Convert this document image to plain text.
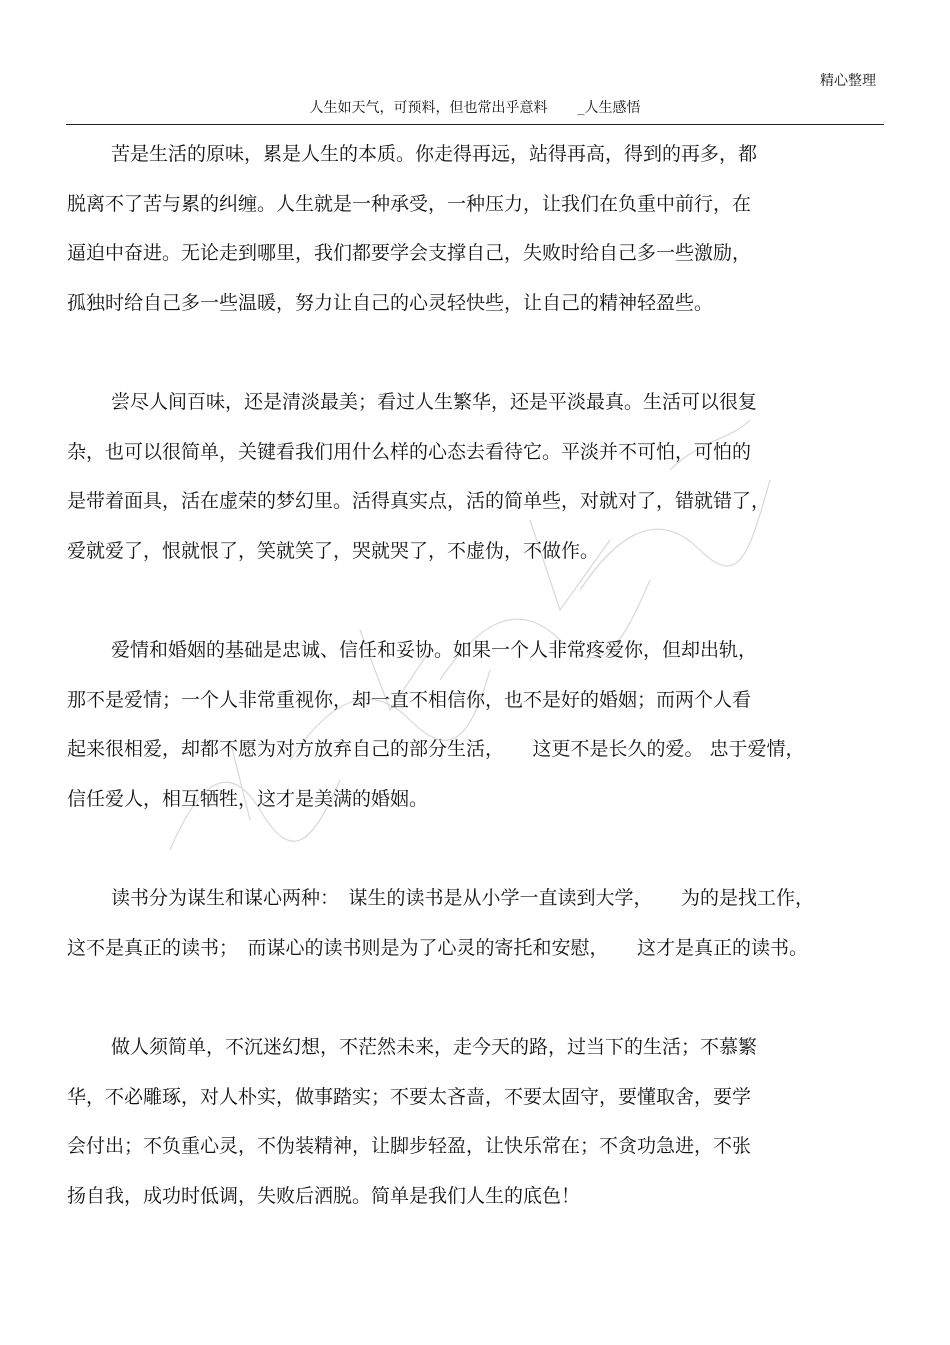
精心整理
人生如天气，可预料，但也常出乎意料 _人生感悟

苦是生活的原味，累是人生的本质。你走得再远，站得再高，得到的再多，都
脱离不了苦与累的纠缠。人生就是一种承受，一种压力，让我们在负重中前行，在
逼迫中奋进。无论走到哪里，我们都要学会支撑自己，失败时给自己多一些激励，
孤独时给自己多一些温暖，努力让自己的心灵轻快些，让自己的精神轻盈些。

尝尽人间百味，还是清淡最美；看过人生繁华，还是平淡最真。生活可以很复
杂，也可以很简单，关键看我们用什么样的心态去看待它。平淡并不可怕，可怕的
是带着面具，活在虚荣的梦幻里。活得真实点，活的简单些，对就对了，错就错了，
爱就爱了，恨就恨了，笑就笑了，哭就哭了，不虚伪，不做作。

爱情和婚姻的基础是忠诚、信任和妥协。如果一个人非常疼爱你，但却出轨，
那不是爱情；一个人非常重视你，却一直不相信你，也不是好的婚姻；而两个人看
起来很相爱，却都不愿为对方放弃自己的部分生活，　　这更不是长久的爱。 忠于爱情，
信任爱人，相互牺牲，这才是美满的婚姻。

读书分为谋生和谋心两种：　谋生的读书是从小学一直读到大学，　　为的是找工作，
这不是真正的读书；　而谋心的读书则是为了心灵的寄托和安慰，　　这才是真正的读书。

做人须简单，不沉迷幻想，不茫然未来，走今天的路，过当下的生活；不慕繁
华，不必雕琢，对人朴实，做事踏实；不要太吝啬，不要太固守，要懂取舍，要学
会付出；不负重心灵，不伪装精神，让脚步轻盈，让快乐常在；不贪功急进，不张
扬自我，成功时低调，失败后洒脱。简单是我们人生的底色！
